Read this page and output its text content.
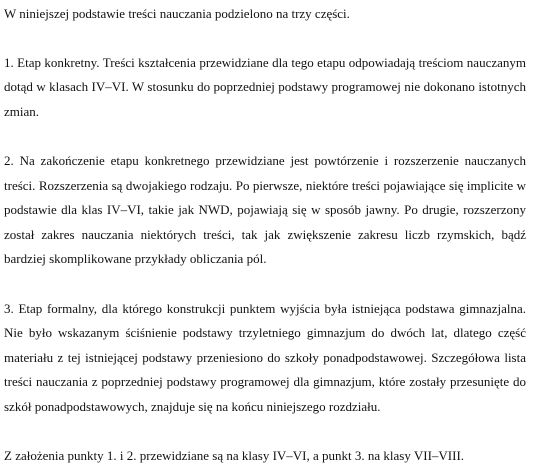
W niniejszej podstawie treści nauczania podzielono na trzy części.

1. Etap konkretny. Treści kształcenia przewidziane dla tego etapu odpowiadają treściom nauczanym dotąd w klasach IV–VI. W stosunku do poprzedniej podstawy programowej nie dokonano istotnych zmian.

2. Na zakończenie etapu konkretnego przewidziane jest powtórzenie i rozszerzenie nauczanych treści. Rozszerzenia są dwojakiego rodzaju. Po pierwsze, niektóre treści pojawiające się implicite w podstawie dla klas IV–VI, takie jak NWD, pojawiają się w sposób jawny. Po drugie, rozszerzony został zakres nauczania niektórych treści, tak jak zwiększenie zakresu liczb rzymskich, bądź bardziej skomplikowane przykłady obliczania pól.

3. Etap formalny, dla którego konstrukcji punktem wyjścia była istniejąca podstawa gimnazjalna. Nie było wskazanym ściśnienie podstawy trzyletniego gimnazjum do dwóch lat, dlatego część materiału z tej istniejącej podstawy przeniesiono do szkoły ponadpodstawowej. Szczegółowa lista treści nauczania z poprzedniej podstawy programowej dla gimnazjum, które zostały przesunięte do szkół ponadpodstawowych, znajduje się na końcu niniejszego rozdziału.

Z założenia punkty 1. i 2. przewidziane są na klasy IV–VI, a punkt 3. na klasy VII–VIII.
